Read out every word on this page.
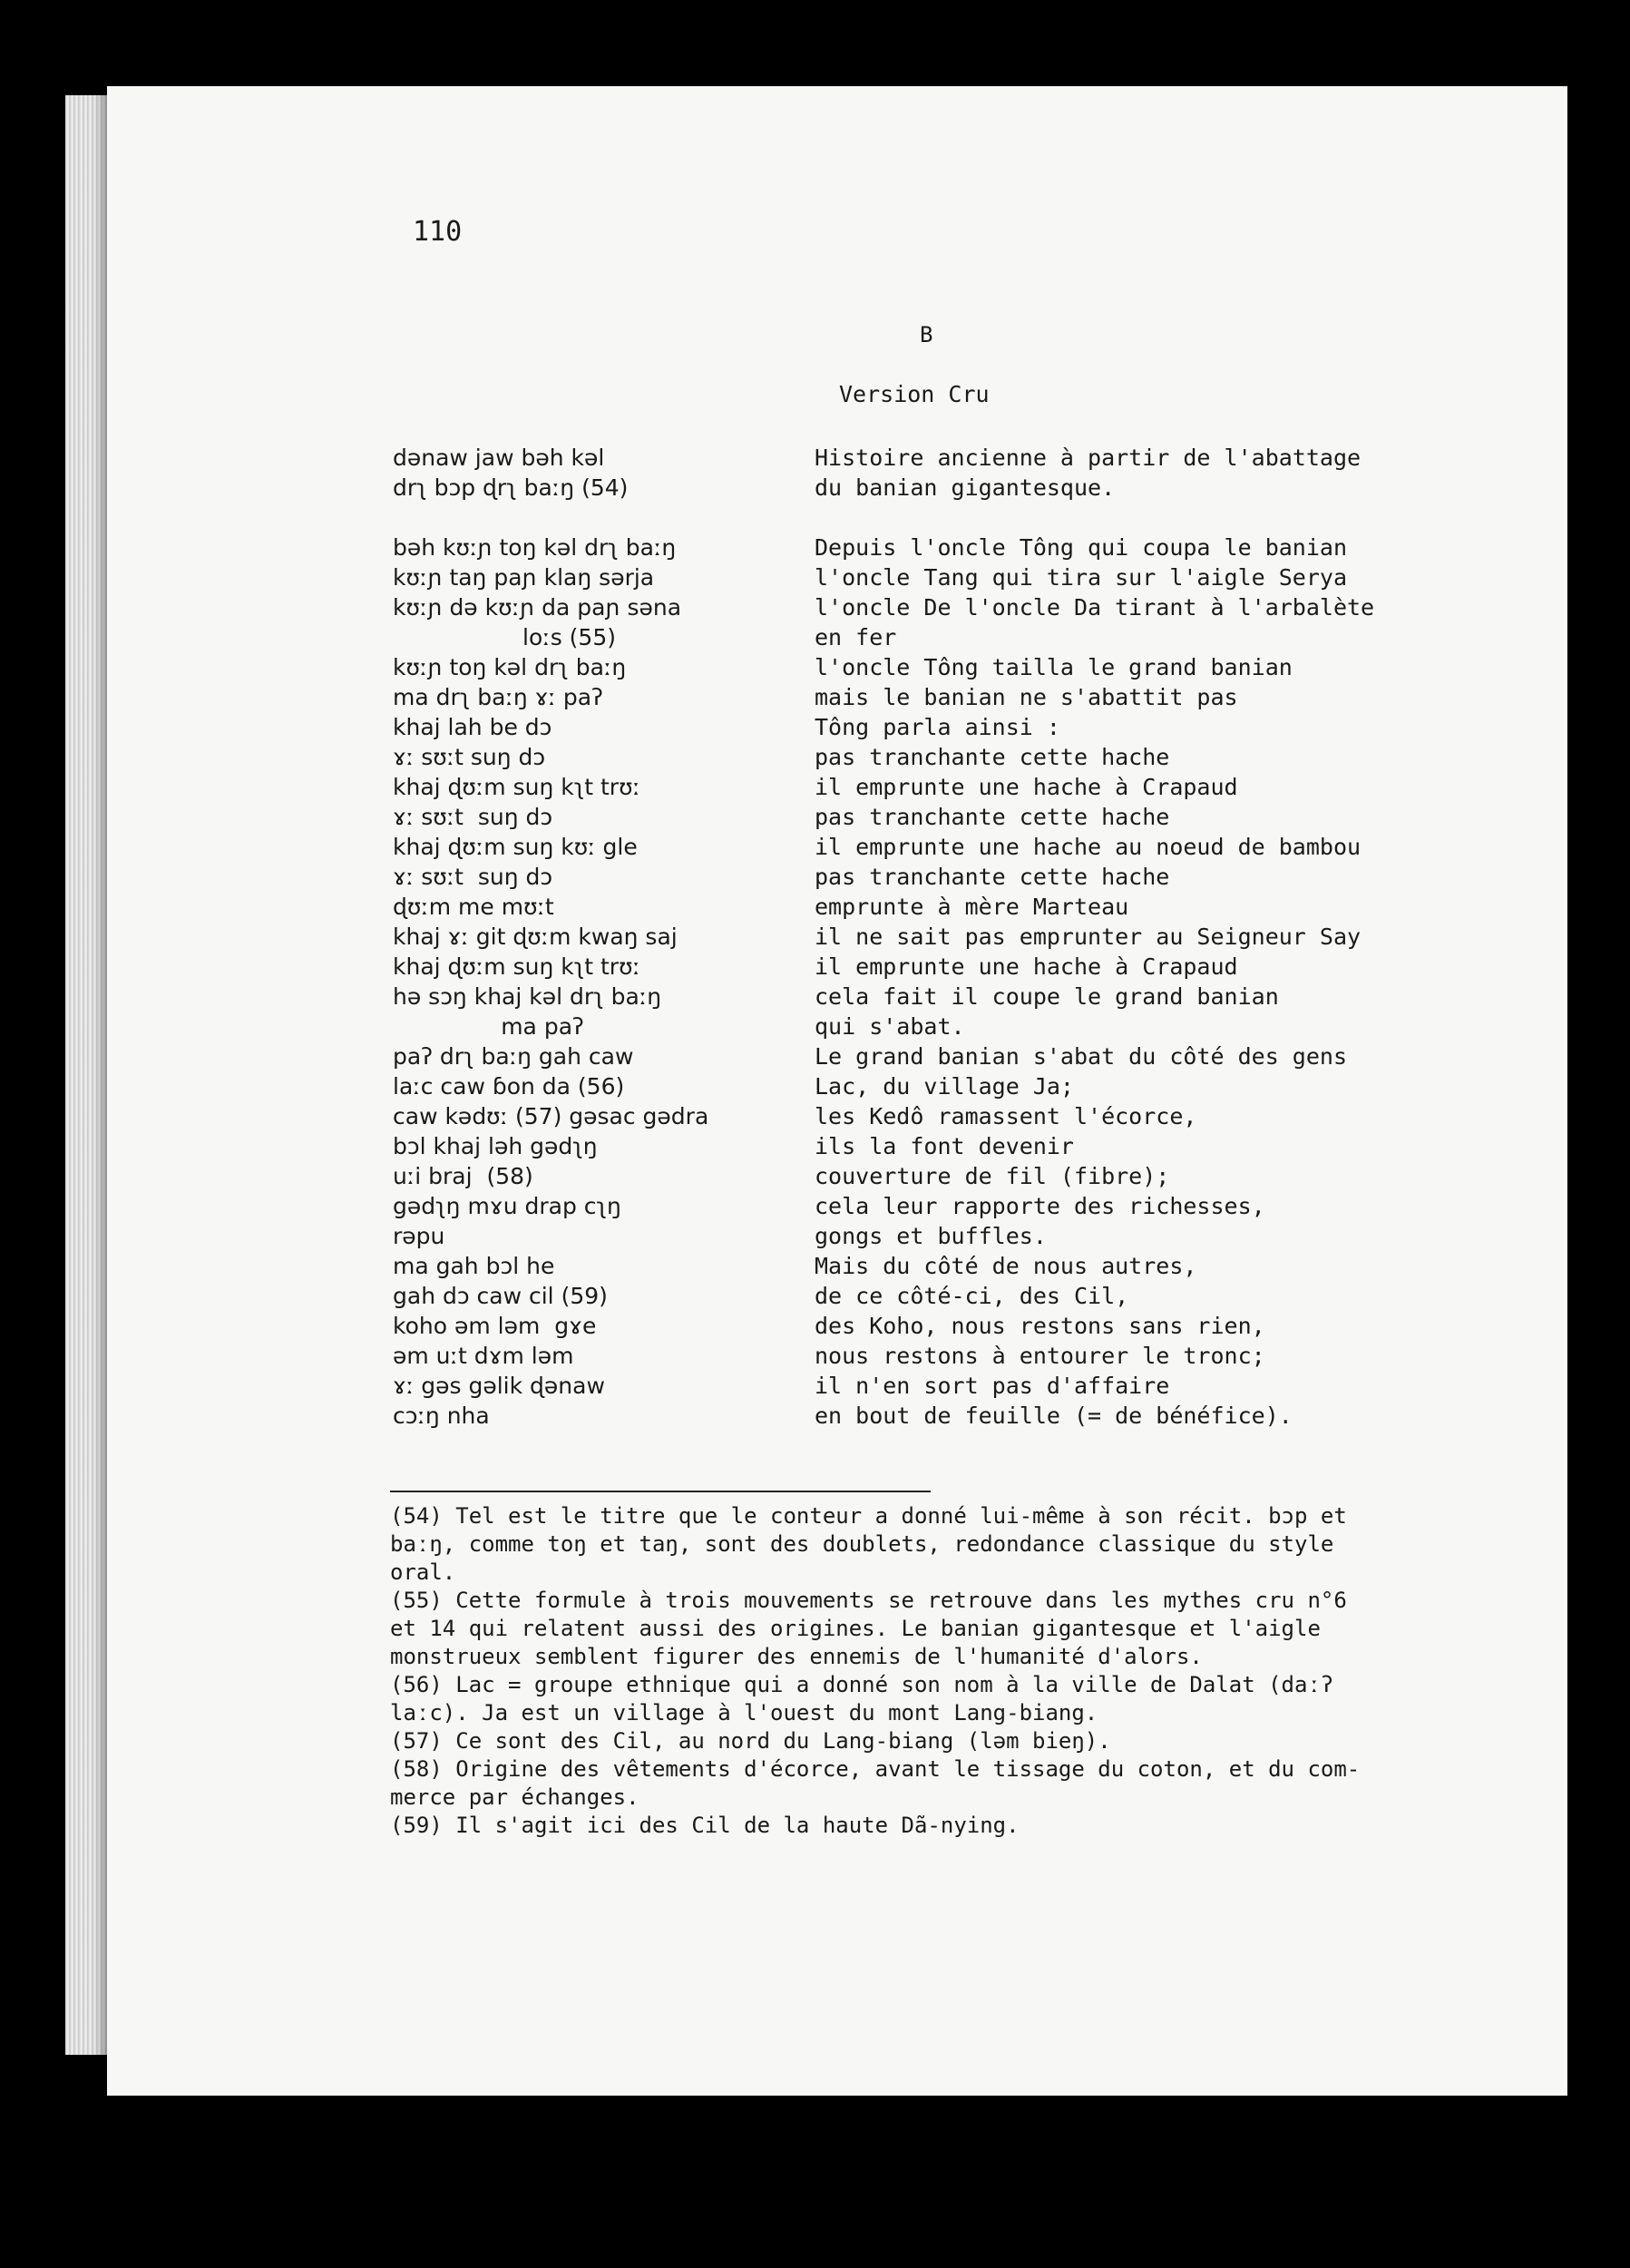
110
B
Version Cru
dənaw jaw bəh kəl
drʅ bɔp ɖrʅ baːŋ (54)
bəh kʊːɲ toŋ kəl drʅ baːŋ
kʊːɲ taŋ paɲ klaŋ sərja
kʊːɲ də kʊːɲ da paɲ səna
loːs (55)
kʊːɲ toŋ kəl drʅ baːŋ
ma drʅ baːŋ ɤː paʔ
khaj lah be dɔ
ɤː sʊːt suŋ dɔ
khaj ɖʊːm suŋ kʅt trʊː
ɤː sʊːt  suŋ dɔ
khaj ɖʊːm suŋ kʊː gle
ɤː sʊːt  suŋ dɔ
ɖʊːm me mʊːt
khaj ɤː git ɖʊːm kwaŋ saj
khaj ɖʊːm suŋ kʅt trʊː
hə sɔŋ khaj kəl drʅ baːŋ
ma paʔ
paʔ drʅ baːŋ gah caw
laːc caw ɓon da (56)
caw kədʊː (57) gəsac gədra
bɔl khaj ləh gədʅŋ
uːi braj  (58)
gədʅŋ mɤu drap cʅŋ
rəpu
ma gah bɔl he
gah dɔ caw cil (59)
koho əm ləm  gɤe
əm uːt dɤm ləm
ɤː gəs gəlik ɖənaw
cɔːŋ nha
Histoire ancienne à partir de l'abattage
du banian gigantesque.
Depuis l'oncle Tông qui coupa le banian
l'oncle Tang qui tira sur l'aigle Serya
l'oncle De l'oncle Da tirant à l'arbalète
en fer
l'oncle Tông tailla le grand banian
mais le banian ne s'abattit pas
Tông parla ainsi :
pas tranchante cette hache
il emprunte une hache à Crapaud
pas tranchante cette hache
il emprunte une hache au noeud de bambou
pas tranchante cette hache
emprunte à mère Marteau
il ne sait pas emprunter au Seigneur Say
il emprunte une hache à Crapaud
cela fait il coupe le grand banian
qui s'abat.
Le grand banian s'abat du côté des gens
Lac, du village Ja;
les Kedô ramassent l'écorce,
ils la font devenir
couverture de fil (fibre);
cela leur rapporte des richesses,
gongs et buffles.
Mais du côté de nous autres,
de ce côté-ci, des Cil,
des Koho, nous restons sans rien,
nous restons à entourer le tronc;
il n'en sort pas d'affaire
en bout de feuille (= de bénéfice).
(54) Tel est le titre que le conteur a donné lui-même à son récit. bɔp et
baːŋ, comme toŋ et taŋ, sont des doublets, redondance classique du style
oral.
(55) Cette formule à trois mouvements se retrouve dans les mythes cru n°6
et 14 qui relatent aussi des origines. Le banian gigantesque et l'aigle
monstrueux semblent figurer des ennemis de l'humanité d'alors.
(56) Lac = groupe ethnique qui a donné son nom à la ville de Dalat (daːʔ
laːc). Ja est un village à l'ouest du mont Lang-biang.
(57) Ce sont des Cil, au nord du Lang-biang (ləm bieŋ).
(58) Origine des vêtements d'écorce, avant le tissage du coton, et du com-
merce par échanges.
(59) Il s'agit ici des Cil de la haute Dã-nying.
